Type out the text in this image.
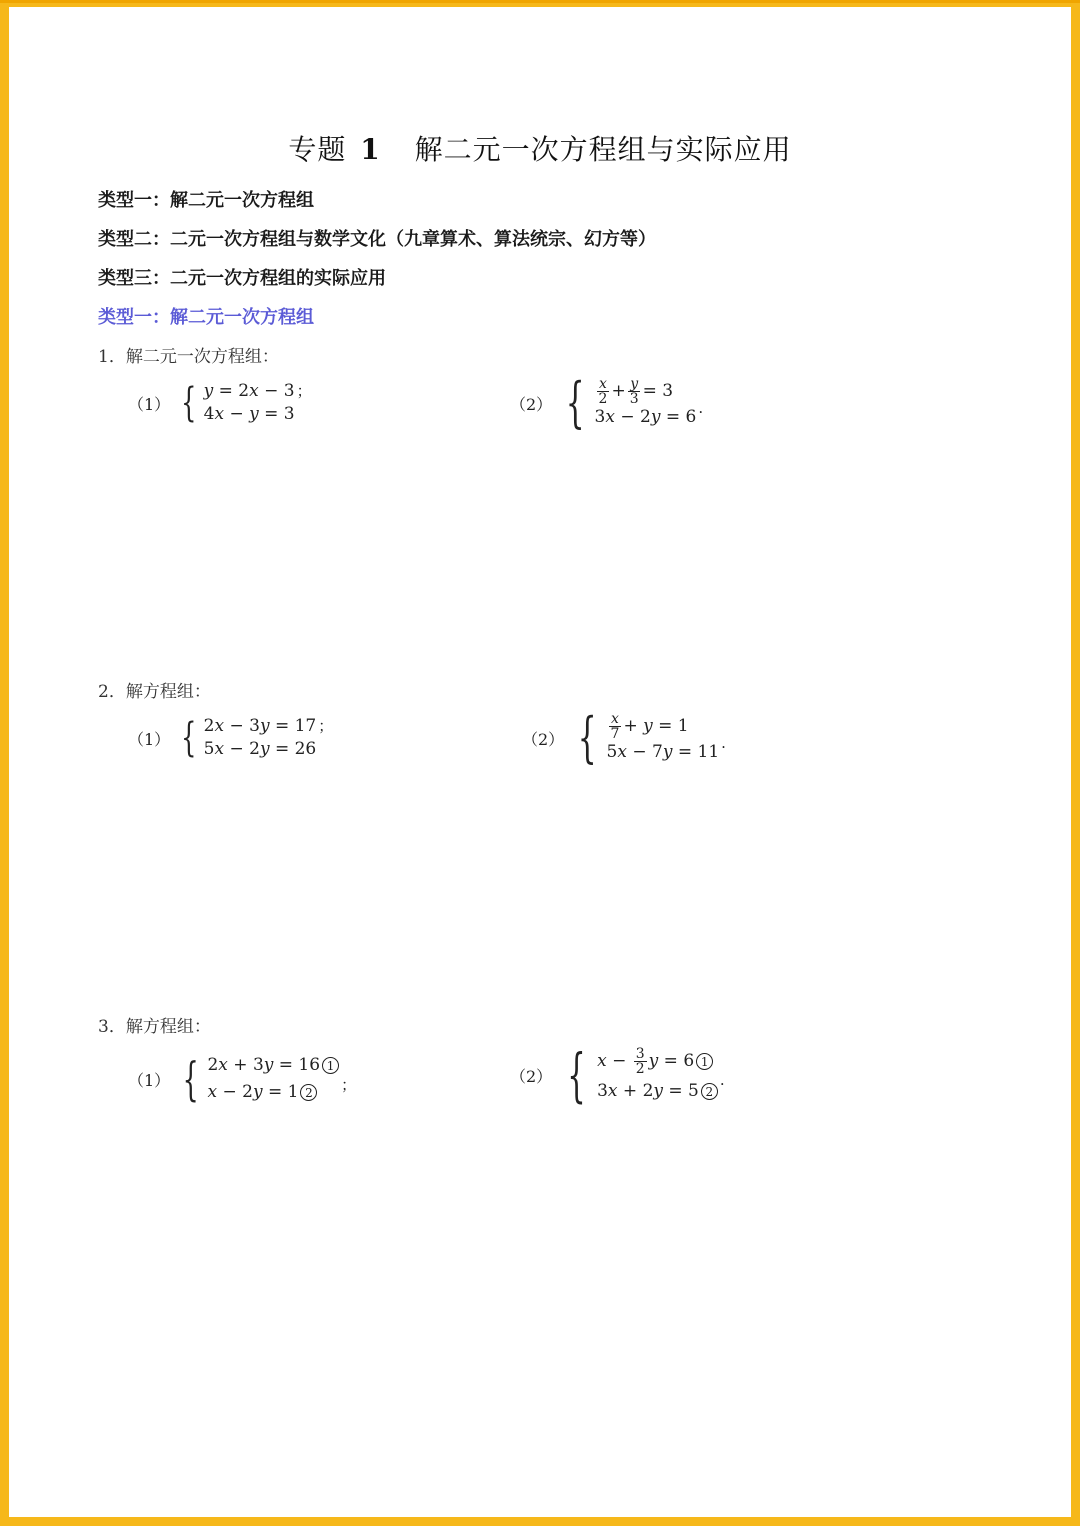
专题 1 解二元一次方程组与实际应用
类型一：解二元一次方程组
类型二：二元一次方程组与数学文化（九章算术、算法统宗、幻方等）
类型三：二元一次方程组的实际应用
类型一：解二元一次方程组
1．解二元一次方程组：
（1） { y = 2 x − 3
4 x − y = 3
；
（2） { $\frac{x}{2} + \frac{y}{3} = 3$
3 x − 2 y = 6 .
2．解方程组：
（1） { 2 x − 3 y = 17
5 x − 2 y = 26
；
（2） { $\frac{x}{7} + y = 1$
5 x − 7 y = 11 .
3．解方程组：
（1） { 2 x + 3 y = 16 1
x − 2 y = 1 2	；	（2） { $x - \frac{3}{2}$ y = 6 1
3 x + 2 y = 5 2
.
